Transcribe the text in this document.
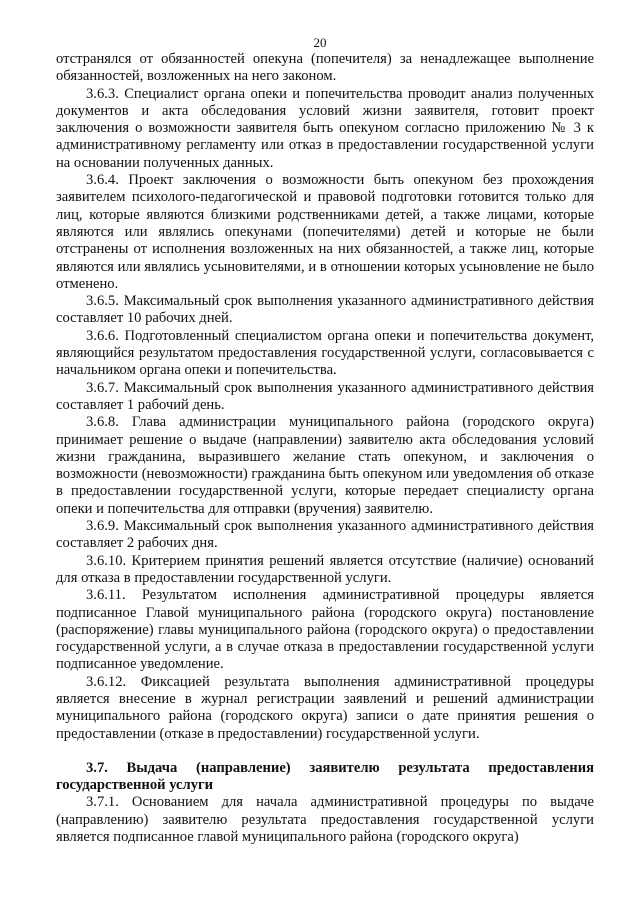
20

отстранялся от обязанностей опекуна (попечителя) за ненадлежащее выполнение обязанностей, возложенных на него законом.

3.6.3. Специалист органа опеки и попечительства проводит анализ полученных документов и акта обследования условий жизни заявителя, готовит проект заключения о возможности заявителя быть опекуном согласно приложению № 3 к административному регламенту или отказ в предоставлении государственной услуги на основании полученных данных.

3.6.4. Проект заключения о возможности быть опекуном без прохождения заявителем психолого-педагогической и правовой подготовки готовится только для лиц, которые являются близкими родственниками детей, а также лицами, которые являются или являлись опекунами (попечителями) детей и которые не были отстранены от исполнения возложенных на них обязанностей, а также лиц, которые являются или являлись усыновителями, и в отношении которых усыновление не было отменено.

3.6.5. Максимальный срок выполнения указанного административного действия составляет 10 рабочих дней.

3.6.6. Подготовленный специалистом органа опеки и попечительства документ, являющийся результатом предоставления государственной услуги, согласовывается с начальником органа опеки и попечительства.

3.6.7. Максимальный срок выполнения указанного административного действия составляет 1 рабочий день.

3.6.8. Глава администрации муниципального района (городского округа) принимает решение о выдаче (направлении) заявителю акта обследования условий жизни гражданина, выразившего желание стать опекуном, и заключения о возможности (невозможности) гражданина быть опекуном или уведомления об отказе в предоставлении государственной услуги, которые передает специалисту органа опеки и попечительства для отправки (вручения) заявителю.

3.6.9. Максимальный срок выполнения указанного административного действия составляет 2 рабочих дня.

3.6.10. Критерием принятия решений является отсутствие (наличие) оснований для отказа в предоставлении государственной услуги.

3.6.11. Результатом исполнения административной процедуры является подписанное Главой муниципального района (городского округа) постановление (распоряжение) главы муниципального района (городского округа) о предоставлении государственной услуги, а в случае отказа в предоставлении государственной услуги подписанное уведомление.

3.6.12. Фиксацией результата выполнения административной процедуры является внесение в журнал регистрации заявлений и решений администрации муниципального района (городского округа) записи о дате принятия решения о предоставлении (отказе в предоставлении) государственной услуги.

3.7. Выдача (направление) заявителю результата предоставления государственной услуги

3.7.1. Основанием для начала административной процедуры по выдаче (направлению) заявителю результата предоставления государственной услуги является подписанное главой муниципального района (городского округа)
